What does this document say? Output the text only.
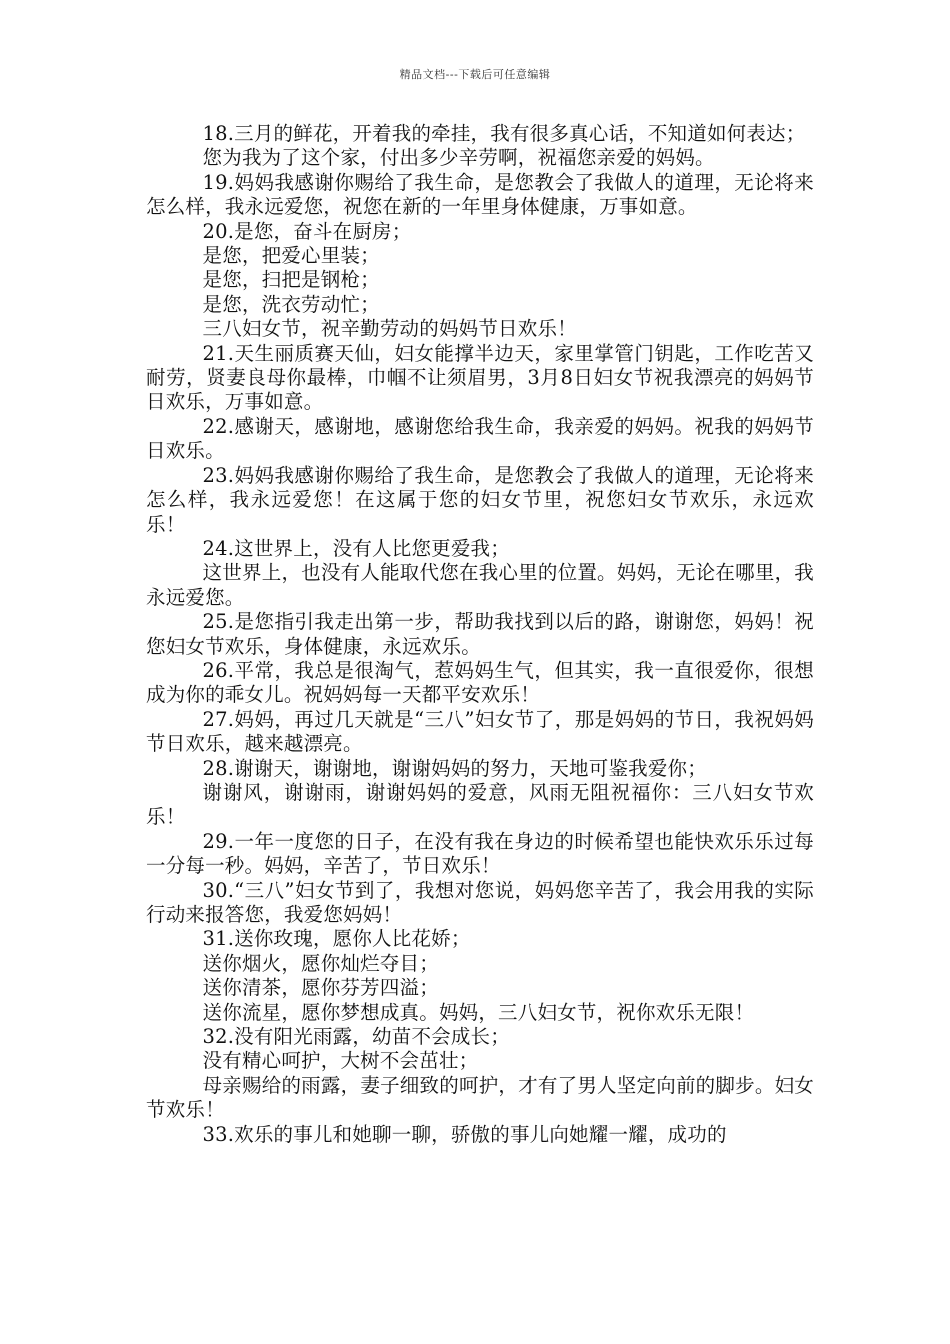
精品文档---下载后可任意编辑

18.三月的鲜花，开着我的牵挂，我有很多真心话，不知道如何表达；

您为我为了这个家，付出多少辛劳啊，祝福您亲爱的妈妈。

19.妈妈我感谢你赐给了我生命，是您教会了我做人的道理，无论将来怎么样，我永远爱您，祝您在新的一年里身体健康，万事如意。

20.是您，奋斗在厨房；

是您，把爱心里装；

是您，扫把是钢枪；

是您，洗衣劳动忙；

三八妇女节，祝辛勤劳动的妈妈节日欢乐！

21.天生丽质赛天仙，妇女能撑半边天，家里掌管门钥匙，工作吃苦又耐劳，贤妻良母你最棒，巾帼不让须眉男，3月8日妇女节祝我漂亮的妈妈节日欢乐，万事如意。

22.感谢天，感谢地，感谢您给我生命，我亲爱的妈妈。祝我的妈妈节日欢乐。

23.妈妈我感谢你赐给了我生命，是您教会了我做人的道理，无论将来怎么样，我永远爱您！在这属于您的妇女节里，祝您妇女节欢乐，永远欢乐！

24.这世界上，没有人比您更爱我；

这世界上，也没有人能取代您在我心里的位置。妈妈，无论在哪里，我永远爱您。

25.是您指引我走出第一步，帮助我找到以后的路，谢谢您，妈妈！祝您妇女节欢乐，身体健康，永远欢乐。

26.平常，我总是很淘气，惹妈妈生气，但其实，我一直很爱你，很想成为你的乖女儿。祝妈妈每一天都平安欢乐！

27.妈妈，再过几天就是“三八”妇女节了，那是妈妈的节日，我祝妈妈节日欢乐，越来越漂亮。

28.谢谢天，谢谢地，谢谢妈妈的努力，天地可鉴我爱你；

谢谢风，谢谢雨，谢谢妈妈的爱意，风雨无阻祝福你：三八妇女节欢乐！

29.一年一度您的日子，在没有我在身边的时候希望也能快欢乐乐过每一分每一秒。妈妈，辛苦了，节日欢乐！

30.“三八”妇女节到了，我想对您说，妈妈您辛苦了，我会用我的实际行动来报答您，我爱您妈妈！

31.送你玫瑰，愿你人比花娇；

送你烟火，愿你灿烂夺目；

送你清茶，愿你芬芳四溢；

送你流星，愿你梦想成真。妈妈，三八妇女节，祝你欢乐无限！

32.没有阳光雨露，幼苗不会成长；

没有精心呵护，大树不会茁壮；

母亲赐给的雨露，妻子细致的呵护，才有了男人坚定向前的脚步。妇女节欢乐！

33.欢乐的事儿和她聊一聊，骄傲的事儿向她耀一耀，成功的
